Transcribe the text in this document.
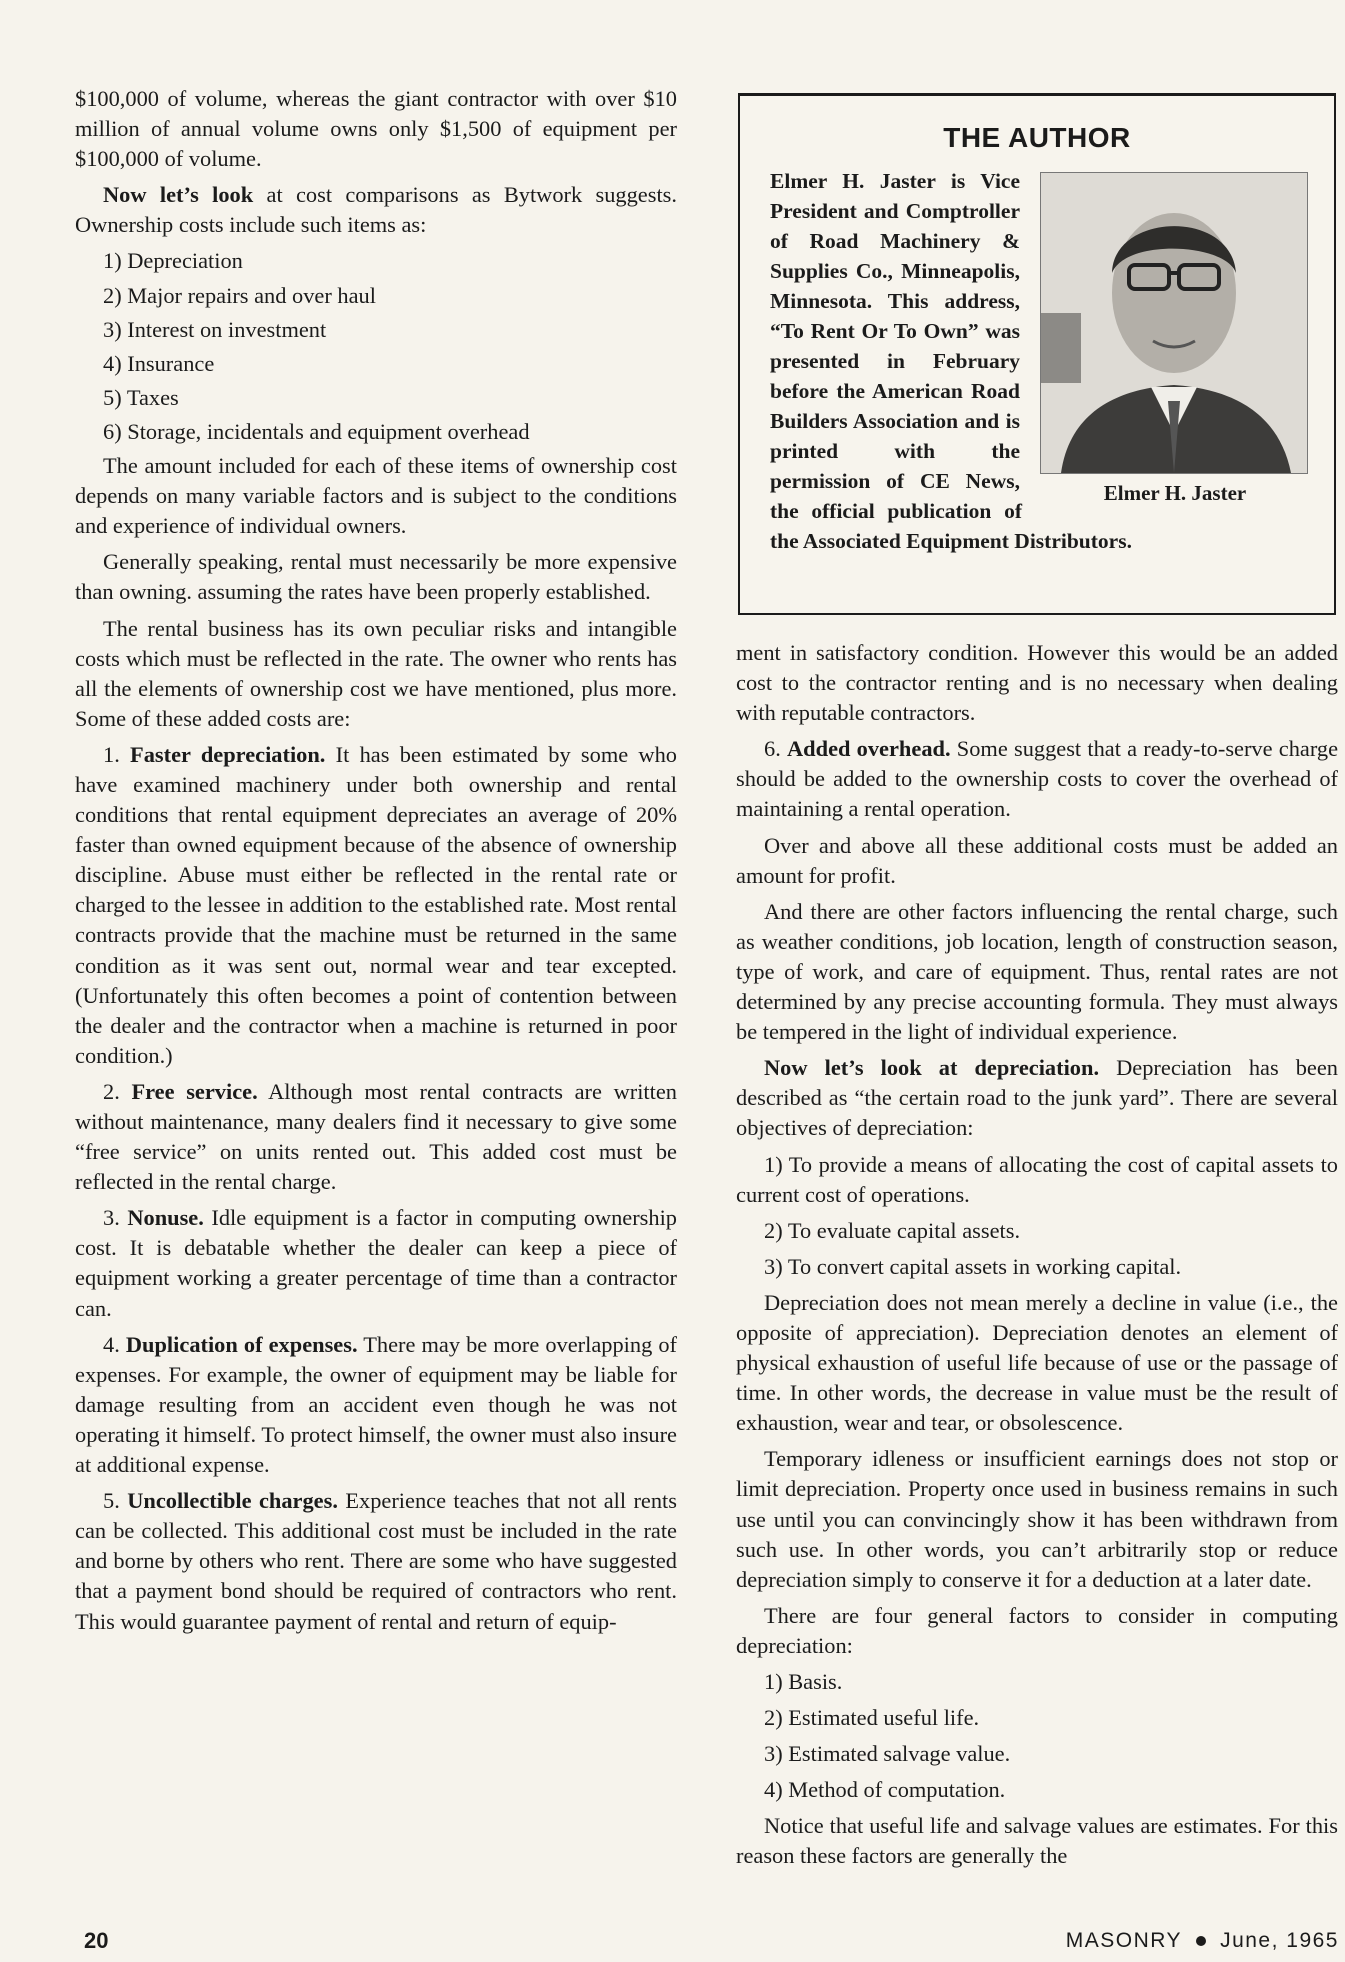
$100,000 of volume, whereas the giant contractor with over $10 million of annual volume owns only $1,500 of equipment per $100,000 of volume.

Now let’s look at cost comparisons as Bytwork suggests. Ownership costs include such items as:

1) Depreciation

2) Major repairs and over haul

3) Interest on investment

4) Insurance

5) Taxes

6) Storage, incidentals and equipment overhead

The amount included for each of these items of ownership cost depends on many variable factors and is subject to the conditions and experience of individual owners.

Generally speaking, rental must necessarily be more expensive than owning. assuming the rates have been properly established.

The rental business has its own peculiar risks and intangible costs which must be reflected in the rate. The owner who rents has all the elements of ownership cost we have mentioned, plus more. Some of these added costs are:

1. Faster depreciation. It has been estimated by some who have examined machinery under both ownership and rental conditions that rental equipment depreciates an average of 20% faster than owned equipment because of the absence of ownership discipline. Abuse must either be reflected in the rental rate or charged to the lessee in addition to the established rate. Most rental contracts provide that the machine must be returned in the same condition as it was sent out, normal wear and tear excepted. (Unfortunately this often becomes a point of contention between the dealer and the contractor when a machine is returned in poor condition.)

2. Free service. Although most rental contracts are written without maintenance, many dealers find it necessary to give some “free service” on units rented out. This added cost must be reflected in the rental charge.

3. Nonuse. Idle equipment is a factor in computing ownership cost. It is debatable whether the dealer can keep a piece of equipment working a greater percentage of time than a contractor can.

4. Duplication of expenses. There may be more overlapping of expenses. For example, the owner of equipment may be liable for damage resulting from an accident even though he was not operating it himself. To protect himself, the owner must also insure at additional expense.

5. Uncollectible charges. Experience teaches that not all rents can be collected. This additional cost must be included in the rate and borne by others who rent. There are some who have suggested that a payment bond should be required of contractors who rent. This would guarantee payment of rental and return of equip-

THE AUTHOR
Elmer H. Jaster
Elmer H. Jaster is Vice President and Comptroller of Road Machinery & Supplies Co., Minneapolis, Minnesota. This address, “To Rent Or To Own” was presented in February before the American Road Builders Association and is printed with the permission of CE News, the official publication of the Associated Equipment Distributors.

ment in satisfactory condition. However this would be an added cost to the contractor renting and is no necessary when dealing with reputable contractors.

6. Added overhead. Some suggest that a ready-to-serve charge should be added to the ownership costs to cover the overhead of maintaining a rental operation.

Over and above all these additional costs must be added an amount for profit.

And there are other factors influencing the rental charge, such as weather conditions, job location, length of construction season, type of work, and care of equipment. Thus, rental rates are not determined by any precise accounting formula. They must always be tempered in the light of individual experience.

Now let’s look at depreciation. Depreciation has been described as “the certain road to the junk yard”. There are several objectives of depreciation:

1) To provide a means of allocating the cost of capital assets to current cost of operations.

2) To evaluate capital assets.

3) To convert capital assets in working capital.

Depreciation does not mean merely a decline in value (i.e., the opposite of appreciation). Depreciation denotes an element of physical exhaustion of useful life because of use or the passage of time. In other words, the decrease in value must be the result of exhaustion, wear and tear, or obsolescence.

Temporary idleness or insufficient earnings does not stop or limit depreciation. Property once used in business remains in such use until you can convincingly show it has been withdrawn from such use. In other words, you can’t arbitrarily stop or reduce depreciation simply to conserve it for a deduction at a later date.

There are four general factors to consider in computing depreciation:

1) Basis.

2) Estimated useful life.

3) Estimated salvage value.

4) Method of computation.

Notice that useful life and salvage values are estimates. For this reason these factors are generally the

20	MASONRY June, 1965
